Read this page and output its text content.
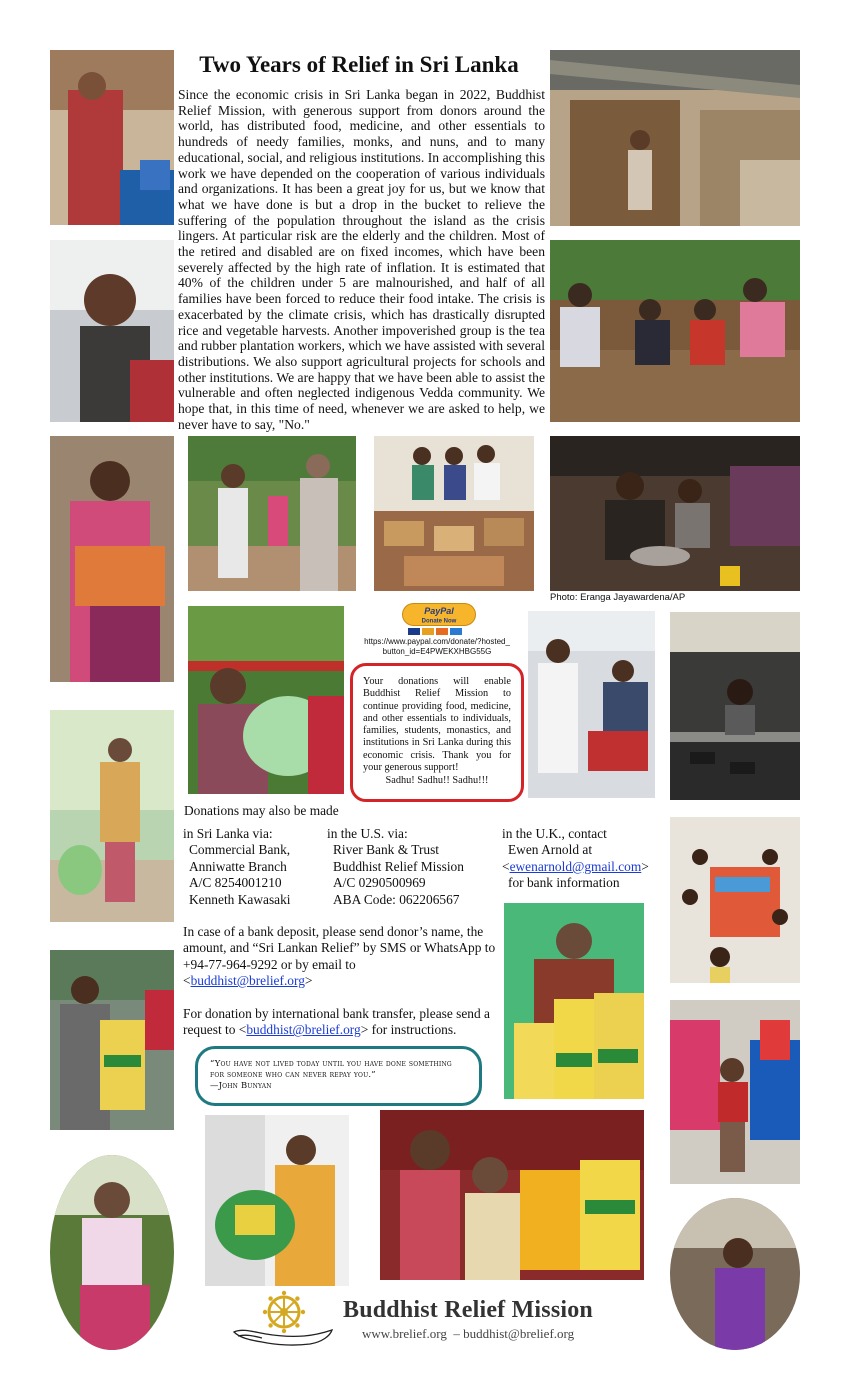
Two Years of Relief in Sri Lanka
Since the economic crisis in Sri Lanka began in 2022, Buddhist Relief Mission, with generous support from donors around the world, has distributed food, medicine, and other essentials to hundreds of needy families, monks, and nuns, and to many educational, social, and religious institutions. In accomplishing this work we have depended on the cooperation of various individuals and organizations. It has been a great joy for us, but we know that what we have done is but a drop in the bucket to relieve the suffering of the population throughout the island as the crisis lingers. At particular risk are the elderly and the children. Most of the retired and disabled are on fixed incomes, which have been severely affected by the high rate of inflation. It is estimated that 40% of the children under 5 are malnourished, and half of all families have been forced to reduce their food intake. The crisis is exacerbated by the climate crisis, which has drastically disrupted rice and vegetable harvests. Another impoverished group is the tea and rubber plantation workers, which we have assisted with several distributions. We also support agricultural projects for schools and other institutions. We are happy that we have been able to assist the vulnerable and often neglected indigenous Vedda community. We hope that, in this time of need, whenever we are asked to help, we never have to say, "No."
Photo: Eranga Jayawardena/AP
PayPal
Donate Now
https://www.paypal.com/donate/?hosted_
button_id=E4PWEKXHBG55G
Your donations will enable Buddhist Relief Mission to continue providing food, medicine, and other essentials to individuals, families, students, monastics, and institutions in Sri Lanka during this economic crisis. Thank you for your generous support!
Sadhu! Sadhu!! Sadhu!!!
Donations may also be made
in Sri Lanka via:
Commercial Bank,
Anniwatte Branch
A/C 8254001210
Kenneth Kawasaki
in the U.S. via:
River Bank & Trust
Buddhist Relief Mission
A/C 0290500969
ABA Code: 062206567
in the U.K., contact
Ewen Arnold at
<ewenarnold@gmail.com>
for bank information
In case of a bank deposit, please send donor’s name, the amount, and “Sri Lankan Relief” by SMS or WhatsApp to +94-77-964-9292 or by email to
<buddhist@brelief.org>
For donation by international bank transfer, please send a request to <buddhist@brelief.org> for instructions.
“You have not lived today until you have done something for someone who can never repay you.”
—John Bunyan
Buddhist Relief Mission
www.brelief.org – buddhist@brelief.org
